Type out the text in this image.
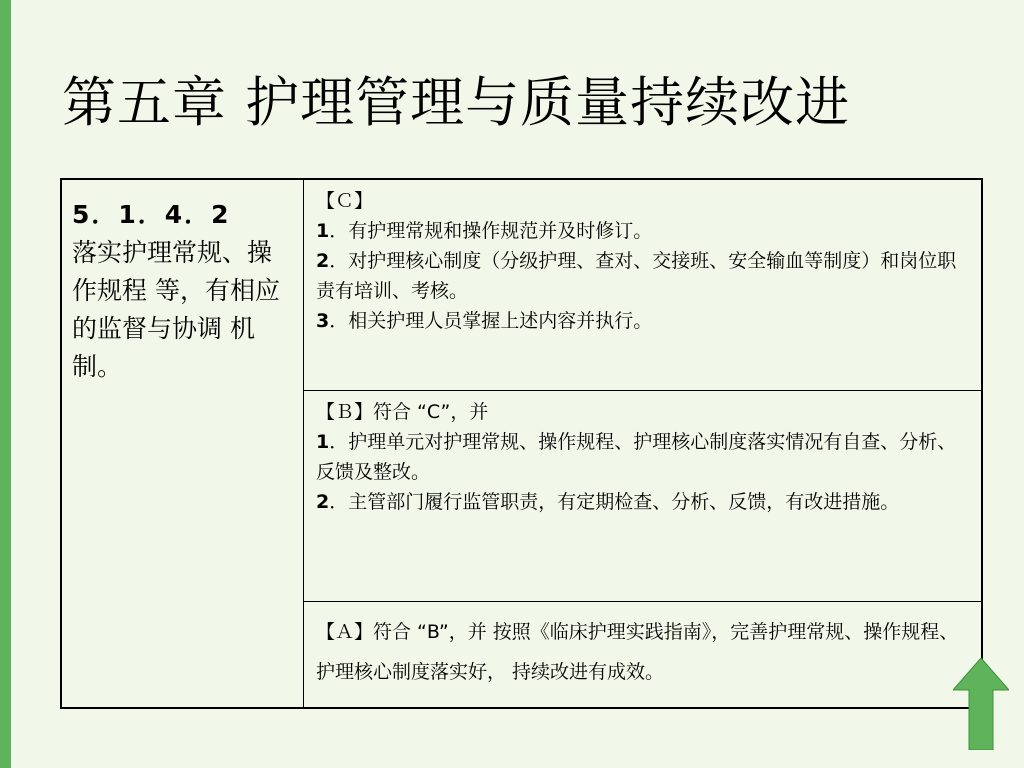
第五章 护理管理与质量持续改进
5．1．4．2
落实护理常规、操作规程 等，有相应的监督与协调 机制。

【Ｃ】
1．有护理常规和操作规范并及时修订。
2．对护理核心制度（分级护理、查对、交接班、安全输血等制度）和岗位职 责有培训、考核。
3．相关护理人员掌握上述内容并执行。

【Ｂ】符合 “C”，并
1．护理单元对护理常规、操作规程、护理核心制度落实情况有自查、分析、 反馈及整改。
2．主管部门履行监管职责，有定期检查、分析、反馈，有改进措施。

【Ａ】符合 “B”，并 按照《临床护理实践指南》，完善护理常规、操作规程、护理核心制度落实好， 持续改进有成效。
